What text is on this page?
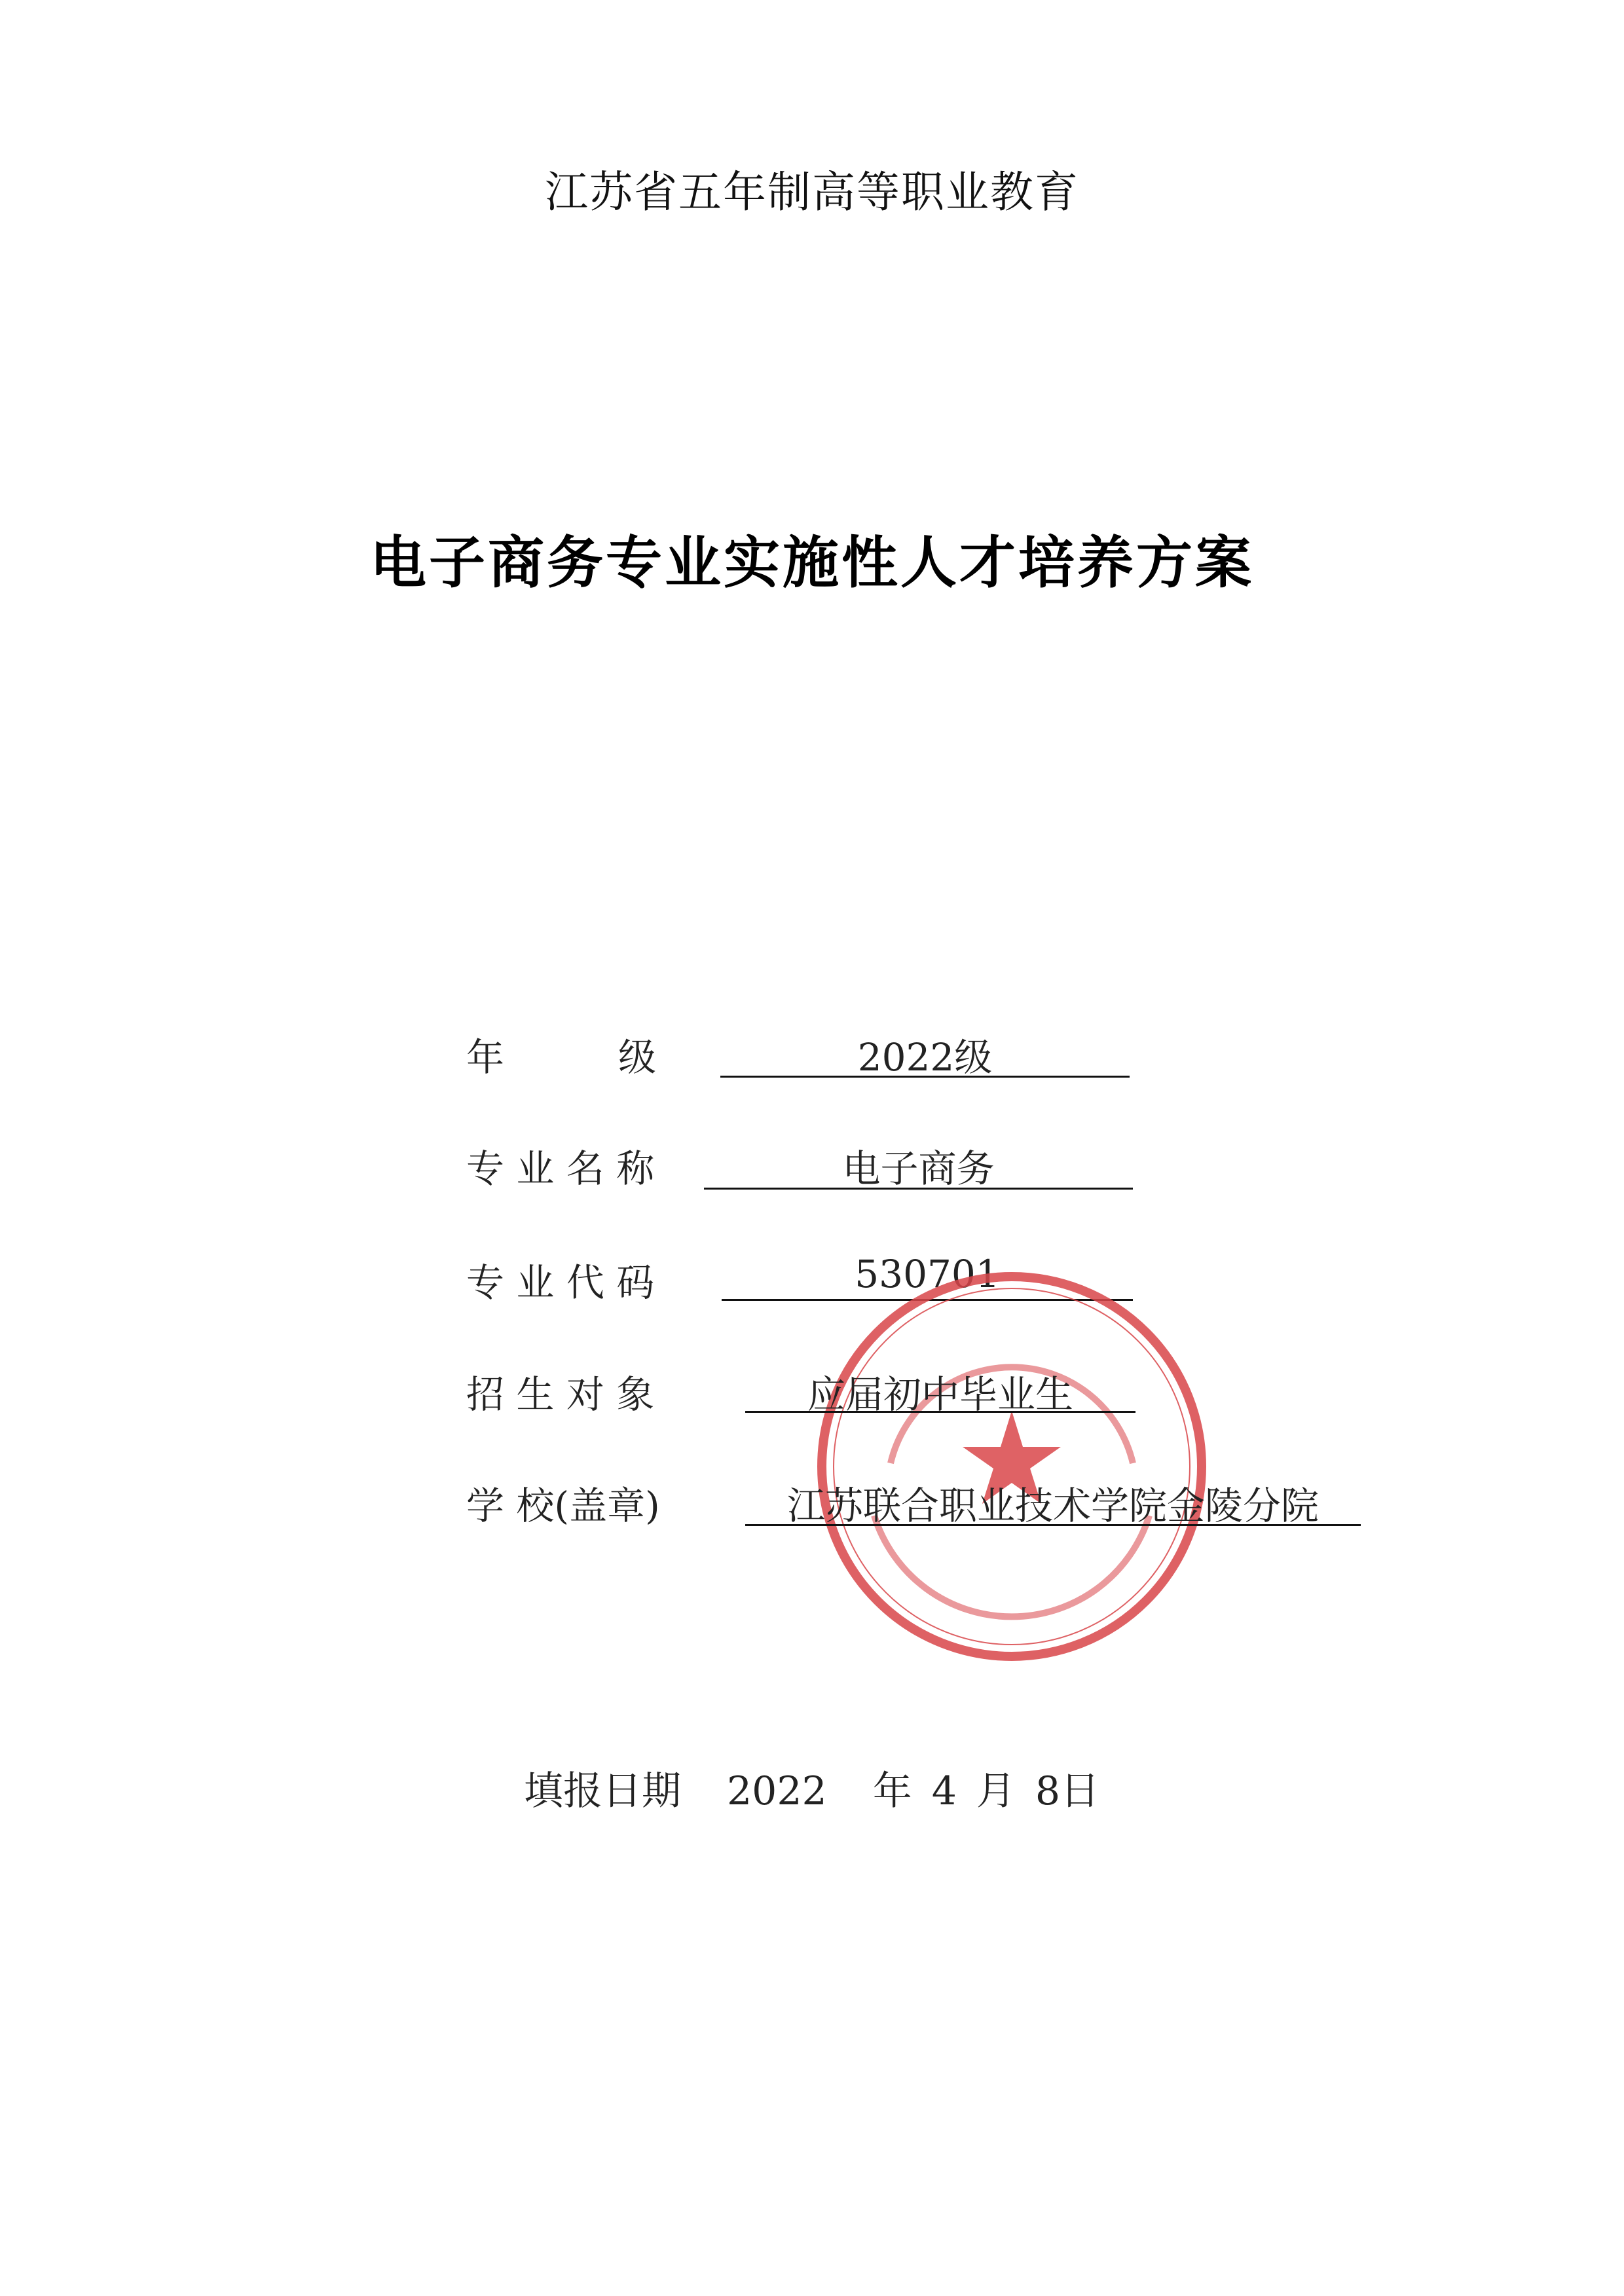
江苏省五年制高等职业教育
电子商务专业实施性人才培养方案
年　　　级	2022级
专 业 名 称	电子商务
专 业 代 码	530701
招 生 对 象	应届初中毕业生
学 校(盖章)	江苏联合职业技术学院金陵分院
填报日期 2022 年 4 月 8日
